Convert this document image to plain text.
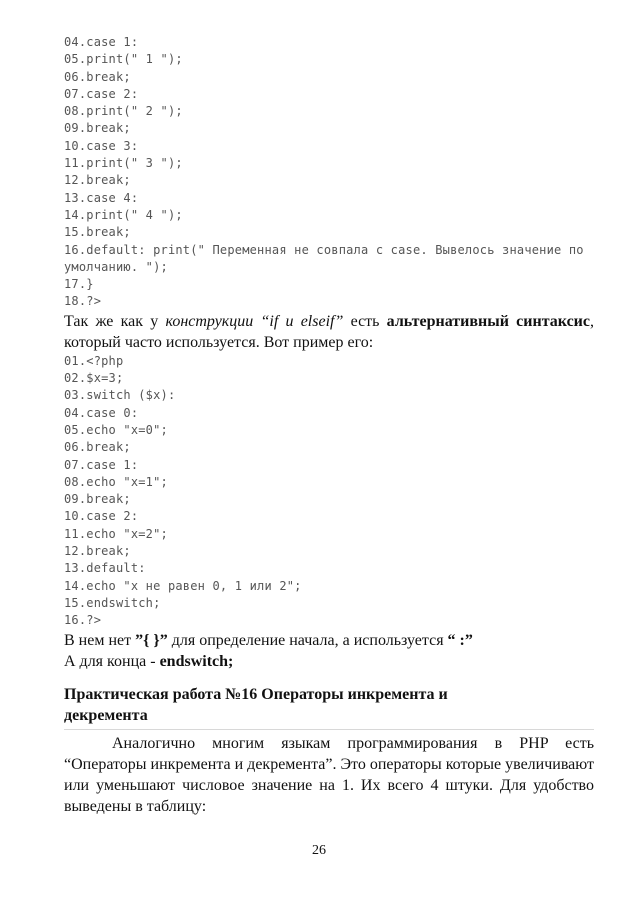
04.case 1:
05.print(" 1 ");
06.break;
07.case 2:
08.print(" 2 ");
09.break;
10.case 3:
11.print(" 3 ");
12.break;
13.case 4:
14.print(" 4 ");
15.break;
16.default: print(" Переменная не совпала с case. Вывелось значение по умолчанию. ");
17.}
18.?>

Так же как у конструкции “if и elseif” есть альтернативный синтаксис, который часто используется. Вот пример его:

01.<?php
02.$x=3;
03.switch ($x):
04.case 0:
05.echo "x=0";
06.break;
07.case 1:
08.echo "x=1";
09.break;
10.case 2:
11.echo "x=2";
12.break;
13.default:
14.echo "x не равен 0, 1 или 2";
15.endswitch;
16.?>

В нем нет ”{ }” для определение начала, а используется “ :”

А для конца - endswitch;

Практическая работа №16 Операторы инкремента и
декремента

Аналогично многим языкам программирования в PHP есть “Операторы инкремента и декремента”. Это операторы которые увеличивают или уменьшают числовое значение на 1. Их всего 4 штуки. Для удобство выведены в таблицу:

26
